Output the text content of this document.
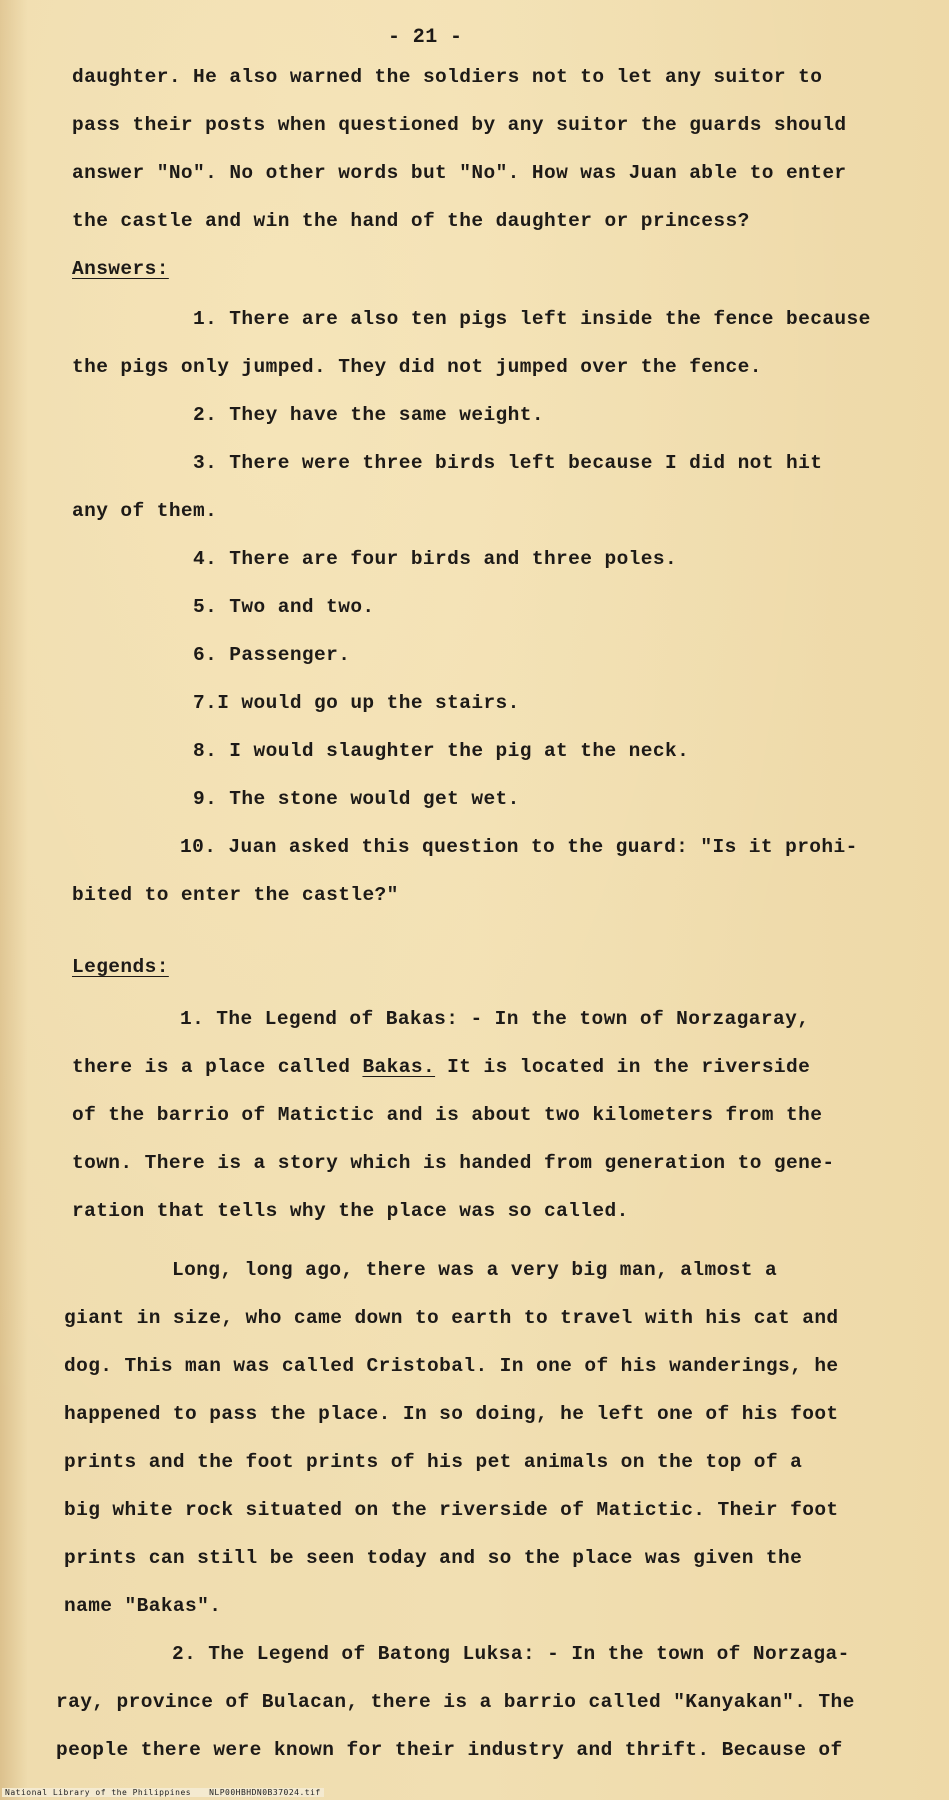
- 21 -
daughter. He also warned the soldiers not to let any suitor to
pass their posts when questioned by any suitor the guards should
answer "No". No other words but "No". How was Juan able to enter
the castle and win the hand of the daughter or princess?
Answers:
1. There are also ten pigs left inside the fence because
the pigs only jumped. They did not jumped over the fence.
2. They have the same weight.
3. There were three birds left because I did not hit
any of them.
4. There are four birds and three poles.
5. Two and two.
6. Passenger.
7.I would go up the stairs.
8. I would slaughter the pig at the neck.
9. The stone would get wet.
10. Juan asked this question to the guard: "Is it prohi-
bited to enter the castle?"
Legends:
1. The Legend of Bakas: - In the town of Norzagaray,
there is a place called Bakas. It is located in the riverside
of the barrio of Matictic and is about two kilometers from the
town. There is a story which is handed from generation to gene-
ration that tells why the place was so called.
Long, long ago, there was a very big man, almost a
giant in size, who came down to earth to travel with his cat and
dog. This man was called Cristobal. In one of his wanderings, he
happened to pass the place. In so doing, he left one of his foot
prints and the foot prints of his pet animals on the top of a
big white rock situated on the riverside of Matictic. Their foot
prints can still be seen today and so the place was given the
name "Bakas".
2. The Legend of Batong Luksa: - In the town of Norzaga-
ray, province of Bulacan, there is a barrio called "Kanyakan". The
people there were known for their industry and thrift. Because of
National Library of the Philippines NLP00HBHDN0B37024.tif
